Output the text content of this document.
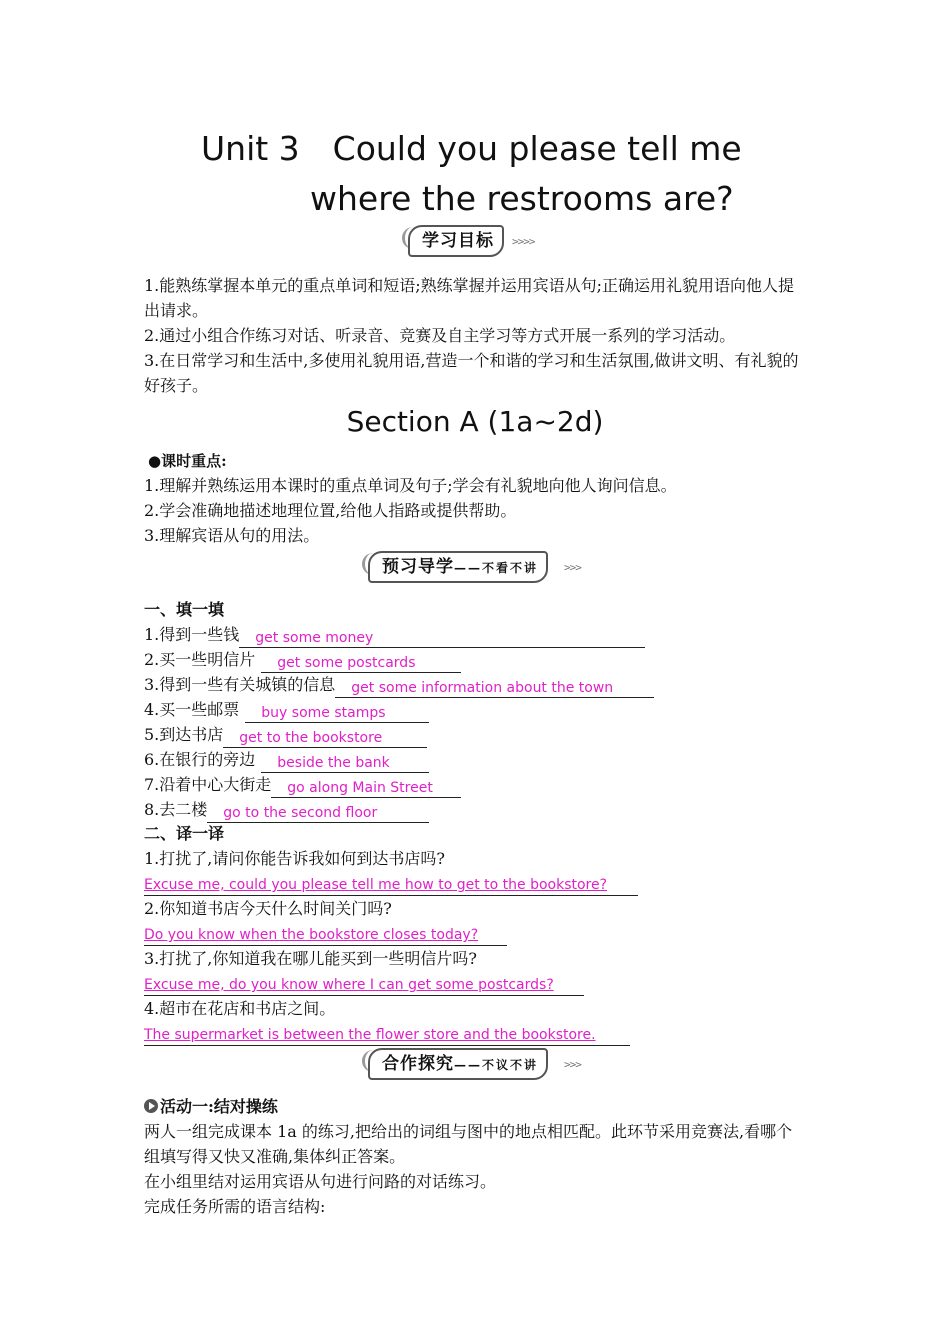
Unit 3　Could you please tell me
where the restrooms are?
学习目标	>>>>
1.能熟练掌握本单元的重点单词和短语;熟练掌握并运用宾语从句;正确运用礼貌用语向他人提出请求。
2.通过小组合作练习对话、听录音、竞赛及自主学习等方式开展一系列的学习活动。
3.在日常学习和生活中,多使用礼貌用语,营造一个和谐的学习和生活氛围,做讲文明、有礼貌的好孩子。
Section A (1a~2d)
●课时重点:
1.理解并熟练运用本课时的重点单词及句子;学会有礼貌地向他人询问信息。
2.学会准确地描述地理位置,给他人指路或提供帮助。
3.理解宾语从句的用法。
预习导学——不看不讲	>>>
一、填一填
1.得到一些钱 get some money
2.买一些明信片 get some postcards
3.得到一些有关城镇的信息 get some information about the town
4.买一些邮票 buy some stamps
5.到达书店 get to the bookstore
6.在银行的旁边 beside the bank
7.沿着中心大街走 go along Main Street
8.去二楼 go to the second floor
二、译一译
1.打扰了,请问你能告诉我如何到达书店吗?
Excuse me, could you please tell me how to get to the bookstore?
2.你知道书店今天什么时间关门吗?
Do you know when the bookstore closes today?
3.打扰了,你知道我在哪儿能买到一些明信片吗?
Excuse me, do you know where I can get some postcards?
4.超市在花店和书店之间。
The supermarket is between the flower store and the bookstore.
合作探究——不议不讲	>>>
活动一:结对操练
两人一组完成课本 1a 的练习,把给出的词组与图中的地点相匹配。此环节采用竞赛法,看哪个组填写得又快又准确,集体纠正答案。
在小组里结对运用宾语从句进行问路的对话练习。
完成任务所需的语言结构:
